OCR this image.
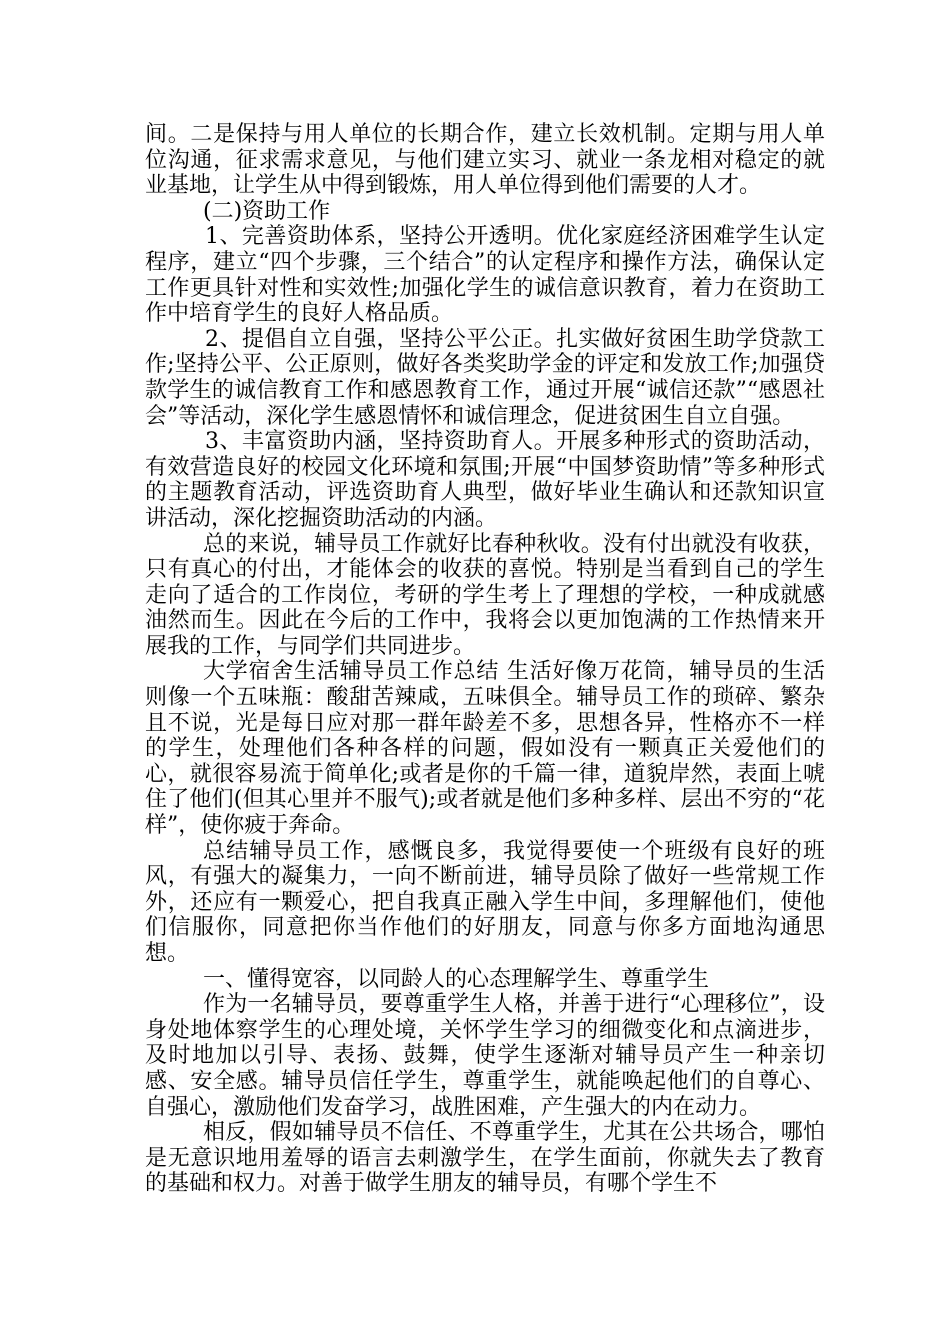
间。二是保持与用人单位的长期合作，建立长效机制。定期与用人单位沟通，征求需求意见，与他们建立实习、就业一条龙相对稳定的就业基地，让学生从中得到锻炼，用人单位得到他们需要的人才。

(二)资助工作

1、完善资助体系，坚持公开透明。优化家庭经济困难学生认定程序，建立“四个步骤，三个结合”的认定程序和操作方法，确保认定工作更具针对性和实效性;加强化学生的诚信意识教育，着力在资助工作中培育学生的良好人格品质。

2、提倡自立自强，坚持公平公正。扎实做好贫困生助学贷款工作;坚持公平、公正原则，做好各类奖助学金的评定和发放工作;加强贷款学生的诚信教育工作和感恩教育工作，通过开展“诚信还款”“感恩社会”等活动，深化学生感恩情怀和诚信理念，促进贫困生自立自强。

3、丰富资助内涵，坚持资助育人。开展多种形式的资助活动，有效营造良好的校园文化环境和氛围;开展“中国梦资助情”等多种形式的主题教育活动，评选资助育人典型，做好毕业生确认和还款知识宣讲活动，深化挖掘资助活动的内涵。

总的来说，辅导员工作就好比春种秋收。没有付出就没有收获，只有真心的付出，才能体会的收获的喜悦。特别是当看到自己的学生走向了适合的工作岗位，考研的学生考上了理想的学校，一种成就感油然而生。因此在今后的工作中，我将会以更加饱满的工作热情来开展我的工作，与同学们共同进步。

大学宿舍生活辅导员工作总结 生活好像万花筒，辅导员的生活则像一个五味瓶：酸甜苦辣咸，五味俱全。辅导员工作的琐碎、繁杂且不说，光是每日应对那一群年龄差不多，思想各异，性格亦不一样的学生，处理他们各种各样的问题，假如没有一颗真正关爱他们的心，就很容易流于简单化;或者是你的千篇一律，道貌岸然，表面上唬住了他们(但其心里并不服气);或者就是他们多种多样、层出不穷的“花样”，使你疲于奔命。

总结辅导员工作，感慨良多，我觉得要使一个班级有良好的班风，有强大的凝集力，一向不断前进，辅导员除了做好一些常规工作外，还应有一颗爱心，把自我真正融入学生中间，多理解他们，使他们信服你，同意把你当作他们的好朋友，同意与你多方面地沟通思想。

一、懂得宽容，以同龄人的心态理解学生、尊重学生

作为一名辅导员，要尊重学生人格，并善于进行“心理移位”，设身处地体察学生的心理处境，关怀学生学习的细微变化和点滴进步，及时地加以引导、表扬、鼓舞，使学生逐渐对辅导员产生一种亲切感、安全感。辅导员信任学生，尊重学生，就能唤起他们的自尊心、自强心，激励他们发奋学习，战胜困难，产生强大的内在动力。

相反，假如辅导员不信任、不尊重学生，尤其在公共场合，哪怕是无意识地用羞辱的语言去刺激学生，在学生面前，你就失去了教育的基础和权力。对善于做学生朋友的辅导员，有哪个学生不
